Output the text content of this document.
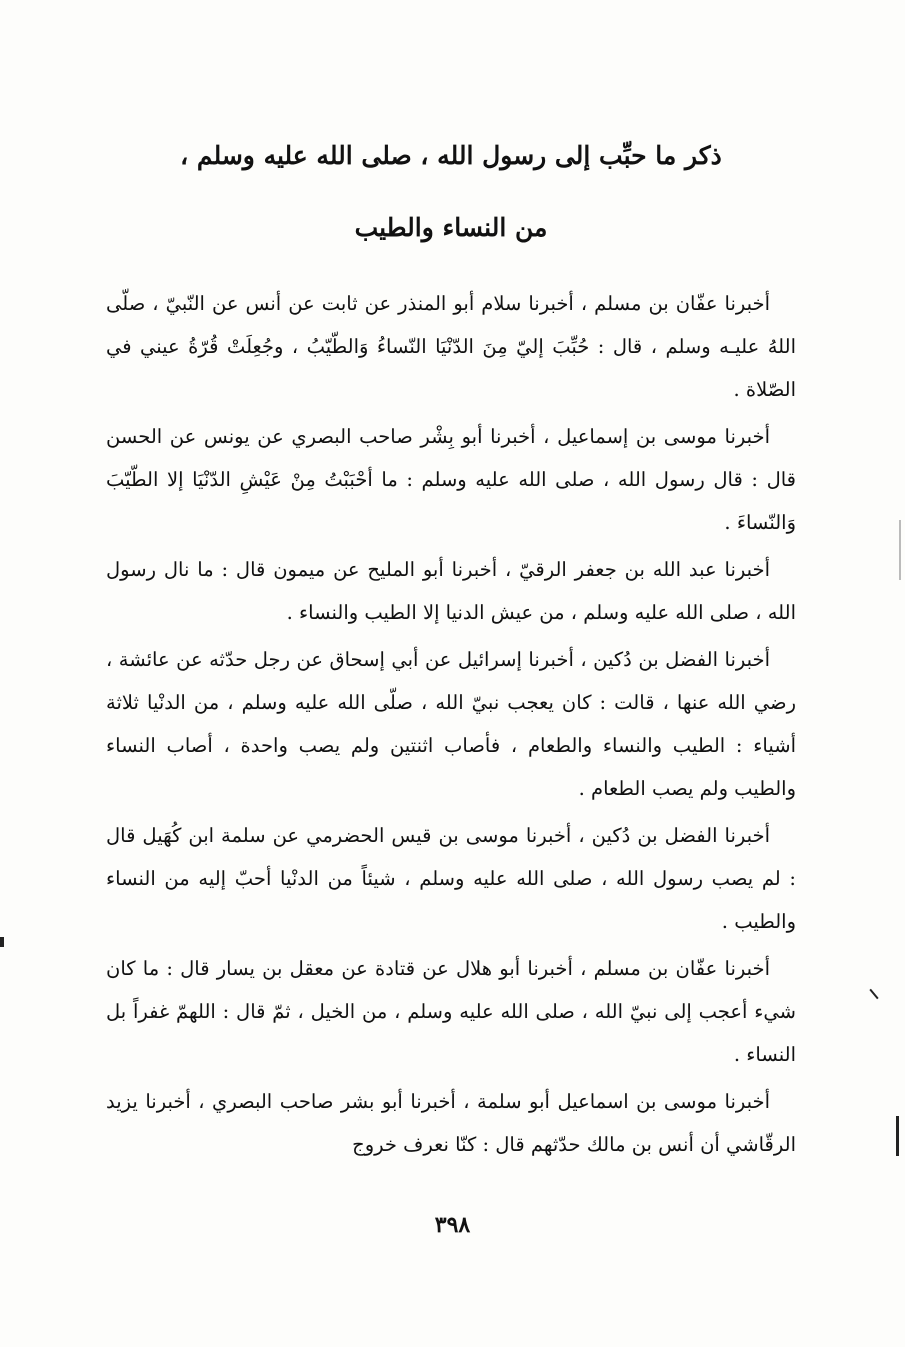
ذكر ما حبِّب إلى رسول الله ، صلى الله عليه وسلم ،
من النساء والطيب

أخبرنا عفّان بن مسلم ، أخبرنا سلام أبو المنذر عن ثابت عن أنس عن النّبيّ ، صلّى اللهُ عليـه وسلم ، قال : حُبِّبَ إليّ مِنَ الدّنْيَا النّساءُ وَالطّيّبُ ، وجُعِلَتْ قُرّةُ عيني في الصّلاة .

أخبرنا موسى بن إسماعيل ، أخبرنا أبو بِشْر صاحب البصري عن يونس عن الحسن قال : قال رسول الله ، صلى الله عليه وسلم : ما أحْبَبْتُ مِنْ عَيْشِ الدّنْيَا إلا الطّيّبَ وَالنّساءَ .

أخبرنا عبد الله بن جعفر الرقيّ ، أخبرنا أبو المليح عن ميمون قال : ما نال رسول الله ، صلى الله عليه وسلم ، من عيش الدنيا إلا الطيب والنساء .

أخبرنا الفضل بن دُكين ، أخبرنا إسرائيل عن أبي إسحاق عن رجل حدّثه عن عائشة ، رضي الله عنها ، قالت : كان يعجب نبيّ الله ، صلّى الله عليه وسلم ، من الدنْيا ثلاثة أشياء : الطيب والنساء والطعام ، فأصاب اثنتين ولم يصب واحدة ، أصاب النساء والطيب ولم يصب الطعام .

أخبرنا الفضل بن دُكين ، أخبرنا موسى بن قيس الحضرمي عن سلمة ابن كُهَيل قال : لم يصب رسول الله ، صلى الله عليه وسلم ، شيئاً من الدنْيا أحبّ إليه من النساء والطيب .

أخبرنا عفّان بن مسلم ، أخبرنا أبو هلال عن قتادة عن معقل بن يسار قال : ما كان شيء أعجب إلى نبيّ الله ، صلى الله عليه وسلم ، من الخيل ، ثمّ قال : اللهمّ غفراً بل النساء .

أخبرنا موسى بن اسماعيل أبو سلمة ، أخبرنا أبو بشر صاحب البصري ، أخبرنا يزيد الرقّاشي أن أنس بن مالك حدّثهم قال : كنّا نعرف خروج

٣٩٨
